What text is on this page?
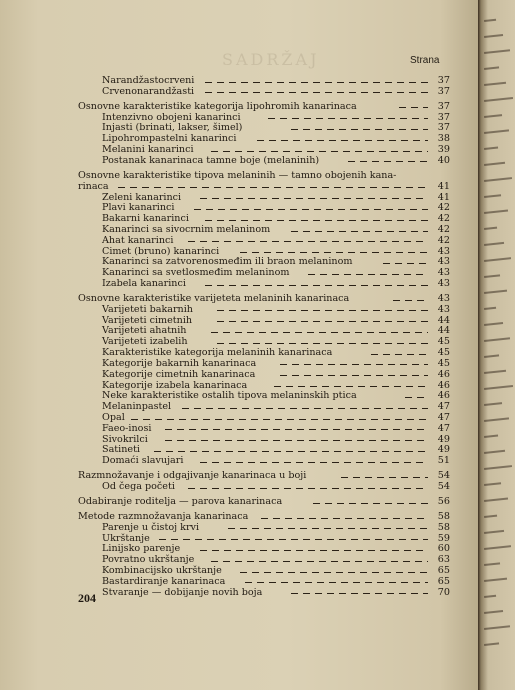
SADRŽAJ	Strana
Narandžastocrveni	37
Crvenonarandžasti	37
Osnovne karakteristike kategorija lipohromih kanarinaca	37
Intenzivno obojeni kanarinci	37
Injasti (brinati, lakser, šimel)	37
Lipohrompastelni kanarinci	38
Melanini kanarinci	39
Postanak kanarinaca tamne boje (melaninih)	40
Osnovne karakteristike tipova melaninih — tamno obojenih kana-
rinaca	41
Zeleni kanarinci	41
Plavi kanarinci	42
Bakarni kanarinci	42
Kanarinci sa sivocrnim melaninom	42
Ahat kanarinci	42
Cimet (bruno) kanarinci	43
Kanarinci sa zatvorenosmeđim ili braon melaninom	43
Kanarinci sa svetlosmeđim melaninom	43
Izabela kanarinci	43
Osnovne karakteristike varijeteta melaninih kanarinaca	43
Varijeteti bakarnih	43
Varijeteti cimetnih	44
Varijeteti ahatnih	44
Varijeteti izabelih	45
Karakteristike kategorija melaninih kanarinaca	45
Kategorije bakarnih kanarinaca	45
Kategorije cimetnih kanarinaca	46
Kategorije izabela kanarinaca	46
Neke karakteristike ostalih tipova melaninskih ptica	46
Melaninpastel	47
Opal	47
Faeo-inosi	47
Sivokrilci	49
Satineti	49
Domaći slavujari	51
Razmnožavanje i odgajivanje kanarinaca u boji	54
Od čega početi	54
Odabiranje roditelja — parova kanarinaca	56
Metode razmnožavanja kanarinaca	58
Parenje u čistoj krvi	58
Ukrštanje	59
Linijsko parenje	60
Povratno ukrštanje	63
Kombinacijsko ukrštanje	65
Bastardiranje kanarinaca	65
Stvaranje — dobijanje novih boja	70
204
